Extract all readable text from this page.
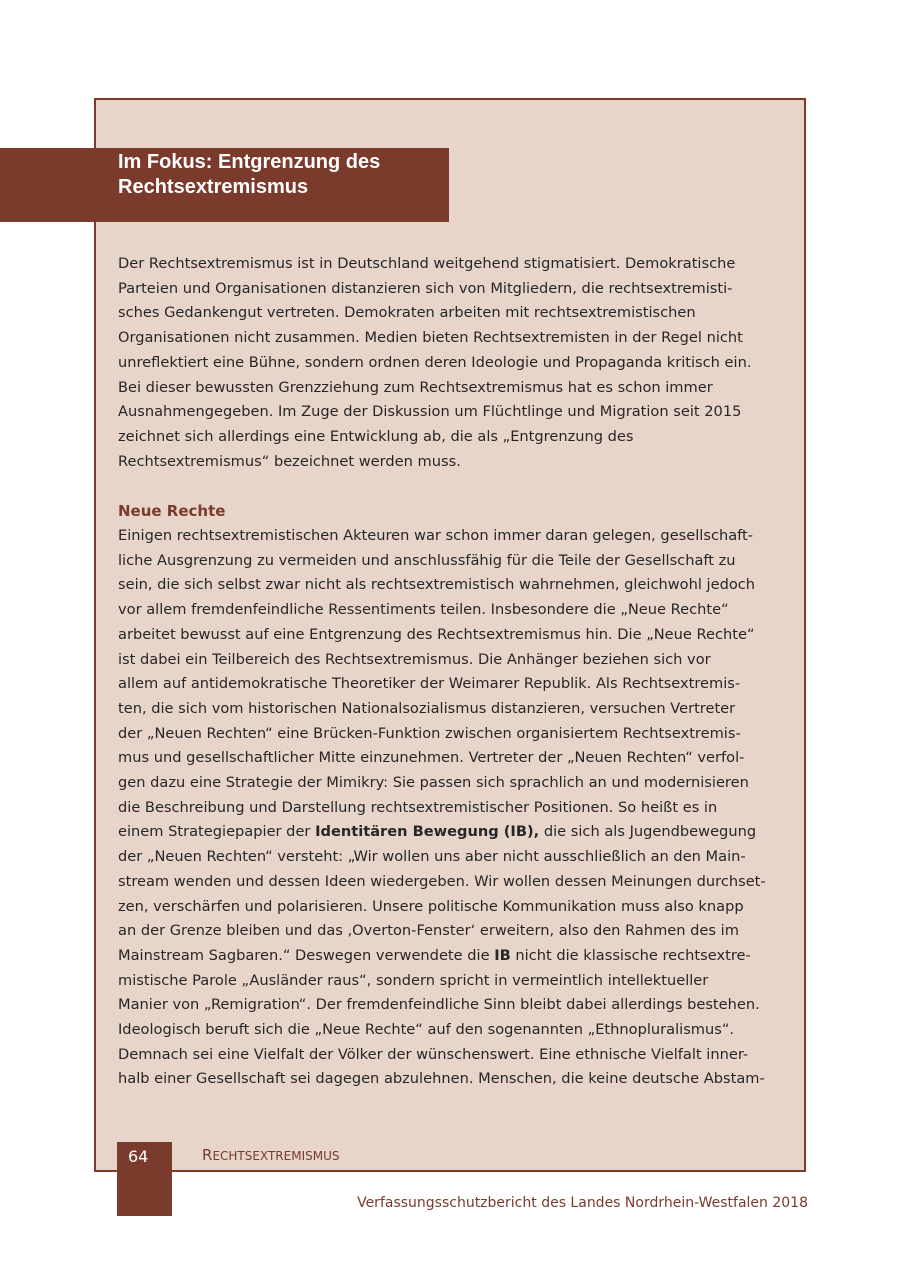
Im Fokus: Entgrenzung des
Rechtsextremismus

Der Rechtsextremismus ist in Deutschland weitgehend stigmatisiert. Demokratische

Parteien und Organisationen distanzieren sich von Mitgliedern, die rechtsextremisti-

sches Gedankengut vertreten. Demokraten arbeiten mit rechtsextremistischen

Organisationen nicht zusammen. Medien bieten Rechtsextremisten in der Regel nicht

unreflektiert eine Bühne, sondern ordnen deren Ideologie und Propaganda kritisch ein.

Bei dieser bewussten Grenzziehung zum Rechtsextremismus hat es schon immer

Ausnahmengegeben. Im Zuge der Diskussion um Flüchtlinge und Migration seit 2015

zeichnet sich allerdings eine Entwicklung ab, die als „Entgrenzung des

Rechtsextremismus“ bezeichnet werden muss.

Neue Rechte

Einigen rechtsextremistischen Akteuren war schon immer daran gelegen, gesellschaft-

liche Ausgrenzung zu vermeiden und anschlussfähig für die Teile der Gesellschaft zu

sein, die sich selbst zwar nicht als rechtsextremistisch wahrnehmen, gleichwohl jedoch

vor allem fremdenfeindliche Ressentiments teilen. Insbesondere die „Neue Rechte“

arbeitet bewusst auf eine Entgrenzung des Rechtsextremismus hin. Die „Neue Rechte“

ist dabei ein Teilbereich des Rechtsextremismus. Die Anhänger beziehen sich vor

allem auf antidemokratische Theoretiker der Weimarer Republik. Als Rechtsextremis-

ten, die sich vom historischen Nationalsozialismus distanzieren, versuchen Vertreter

der „Neuen Rechten“ eine Brücken-Funktion zwischen organisiertem Rechtsextremis-

mus und gesellschaftlicher Mitte einzunehmen. Vertreter der „Neuen Rechten“ verfol-

gen dazu eine Strategie der Mimikry: Sie passen sich sprachlich an und modernisieren

die Beschreibung und Darstellung rechtsextremistischer Positionen. So heißt es in

einem Strategiepapier der Identitären Bewegung (IB), die sich als Jugendbewegung

der „Neuen Rechten“ versteht: „Wir wollen uns aber nicht ausschließlich an den Main-

stream wenden und dessen Ideen wiedergeben. Wir wollen dessen Meinungen durchset-

zen, verschärfen und polarisieren. Unsere politische Kommunikation muss also knapp

an der Grenze bleiben und das ‚Overton-Fenster‘ erweitern, also den Rahmen des im

Mainstream Sagbaren.“ Deswegen verwendete die IB nicht die klassische rechtsextre-

mistische Parole „Ausländer raus“, sondern spricht in vermeintlich intellektueller

Manier von „Remigration“. Der fremdenfeindliche Sinn bleibt dabei allerdings bestehen.

Ideologisch beruft sich die „Neue Rechte“ auf den sogenannten „Ethnopluralismus“.

Demnach sei eine Vielfalt der Völker der wünschenswert. Eine ethnische Vielfalt inner-

halb einer Gesellschaft sei dagegen abzulehnen. Menschen, die keine deutsche Abstam-

64	RECHTSEXTREMISMUS
Verfassungsschutzbericht des Landes Nordrhein-Westfalen 2018
